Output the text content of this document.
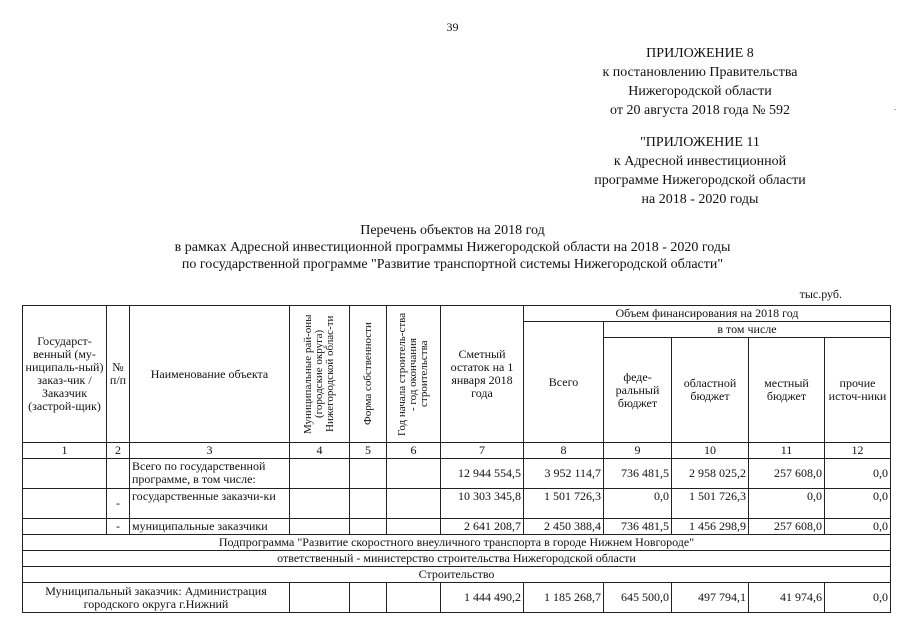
39
·
ПРИЛОЖЕНИЕ 8
к постановлению Правительства
Нижегородской области
от 20 августа 2018 года № 592
"ПРИЛОЖЕНИЕ 11
к Адресной инвестиционной
программе Нижегородской области
на 2018 - 2020 годы
Перечень объектов на 2018 год
в рамках Адресной инвестиционной программы Нижегородской области на 2018 - 2020 годы
по государственной программе "Развитие транспортной системы Нижегородской области"
тыс.руб.
Государст-венный (му-ниципаль-ный) заказ-чик / Заказчик (застрой-щик)	№ п/п	Наименование объекта	Муниципальные рай-оны (городские округа) Нижегородской облас-ти	Форма собственности	Год начала строитель-ства - год окончания строительства	Сметный остаток на 1 января 2018 года	Объем финансирования на 2018 год				
							Всего	в том числе			
								феде-ральный бюджет	областной бюджет	местный бюджет	прочие источ-ники
1	2	3	4	5	6	7	8	9	10	11	12
		Всего по государственной программе, в том числе:				12 944 554,5	3 952 114,7	736 481,5	2 958 025,2	257 608,0	0,0
	-	государственные заказчи-ки				10 303 345,8	1 501 726,3	0,0	1 501 726,3	0,0	0,0
	-	муниципальные заказчики				2 641 208,7	2 450 388,4	736 481,5	1 456 298,9	257 608,0	0,0
Подпрограмма "Развитие скоростного внеуличного транспорта в городе Нижнем Новгороде"											
ответственный - министерство строительства Нижегородской области											
Строительство											
Муниципальный заказчик: Администрация городского округа г.Нижний						1 444 490,2	1 185 268,7	645 500,0	497 794,1	41 974,6	0,0
